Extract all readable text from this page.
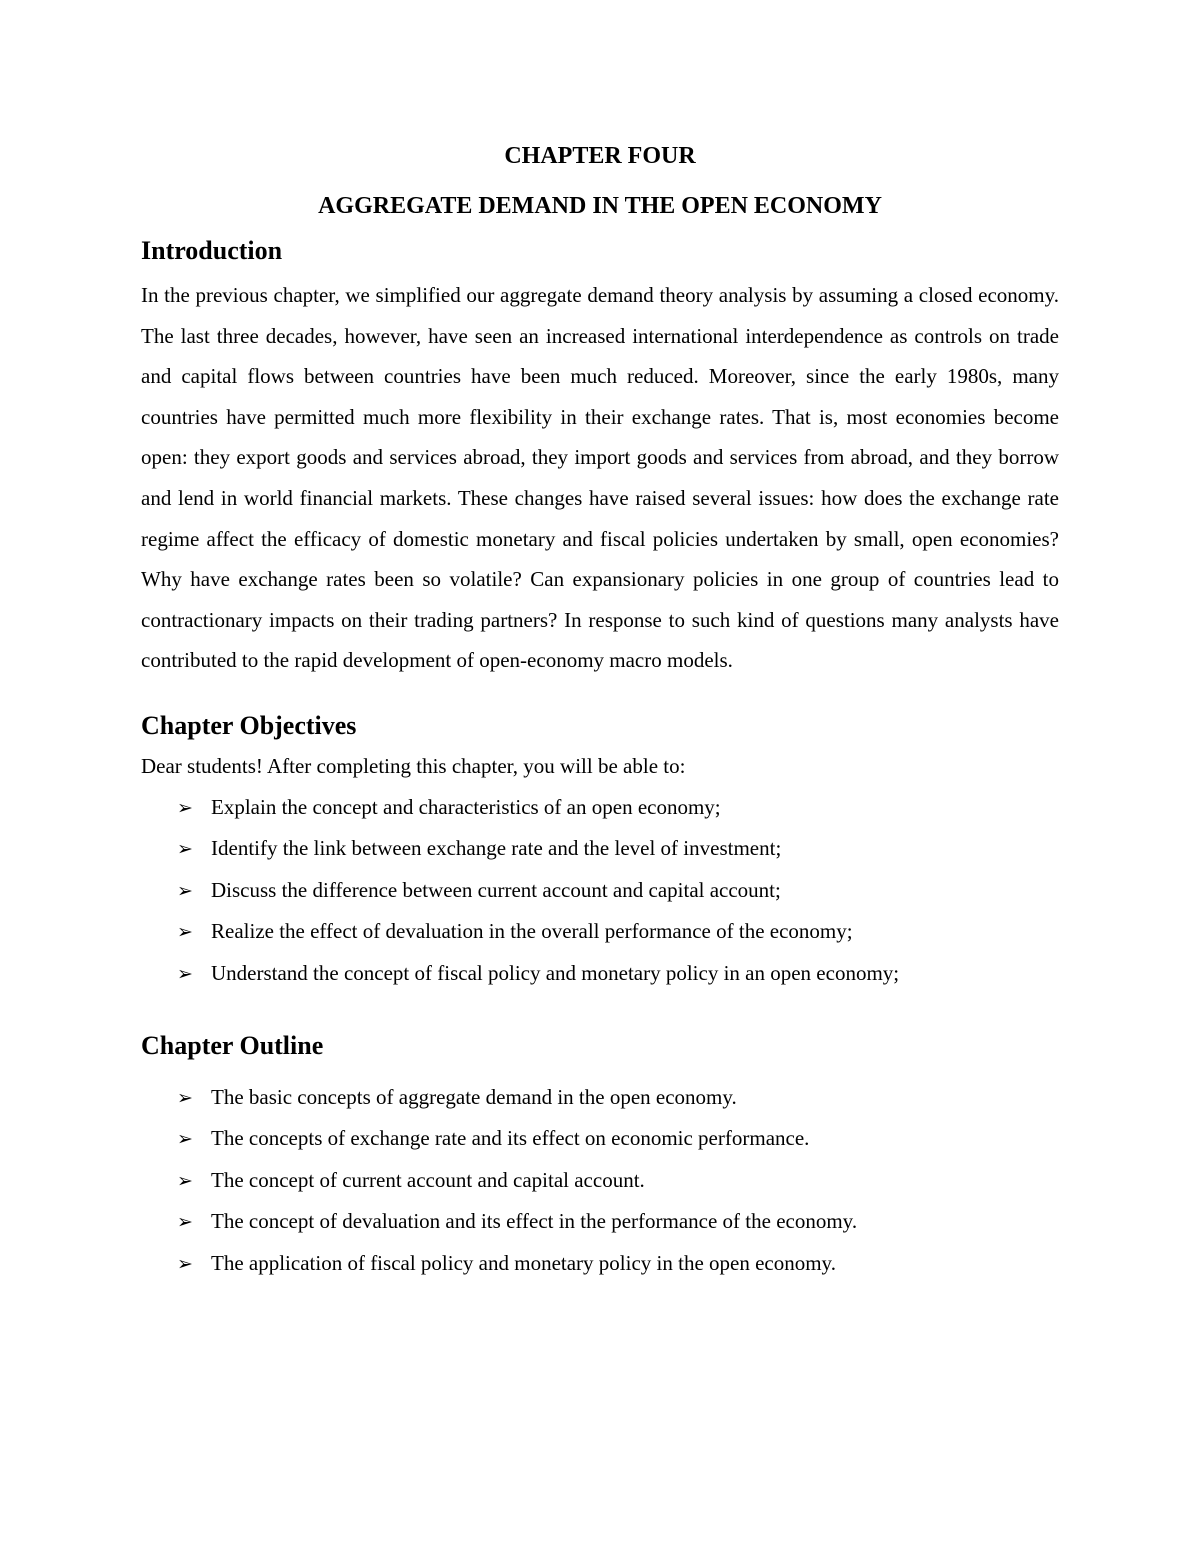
CHAPTER FOUR
AGGREGATE DEMAND IN THE OPEN ECONOMY
Introduction

In the previous chapter, we simplified our aggregate demand theory analysis by assuming a closed economy. The last three decades, however, have seen an increased international interdependence as controls on trade and capital flows between countries have been much reduced. Moreover, since the early 1980s, many countries have permitted much more flexibility in their exchange rates. That is, most economies become open: they export goods and services abroad, they import goods and services from abroad, and they borrow and lend in world financial markets. These changes have raised several issues: how does the exchange rate regime affect the efficacy of domestic monetary and fiscal policies undertaken by small, open economies? Why have exchange rates been so volatile? Can expansionary policies in one group of countries lead to contractionary impacts on their trading partners? In response to such kind of questions many analysts have contributed to the rapid development of open-economy macro models.

Chapter Objectives

Dear students! After completing this chapter, you will be able to:

➢ Explain the concept and characteristics of an open economy;
➢ Identify the link between exchange rate and the level of investment;
➢ Discuss the difference between current account and capital account;
➢ Realize the effect of devaluation in the overall performance of the economy;
➢ Understand the concept of fiscal policy and monetary policy in an open economy;
Chapter Outline
➢ The basic concepts of aggregate demand in the open economy.
➢ The concepts of exchange rate and its effect on economic performance.
➢ The concept of current account and capital account.
➢ The concept of devaluation and its effect in the performance of the economy.
➢ The application of fiscal policy and monetary policy in the open economy.
